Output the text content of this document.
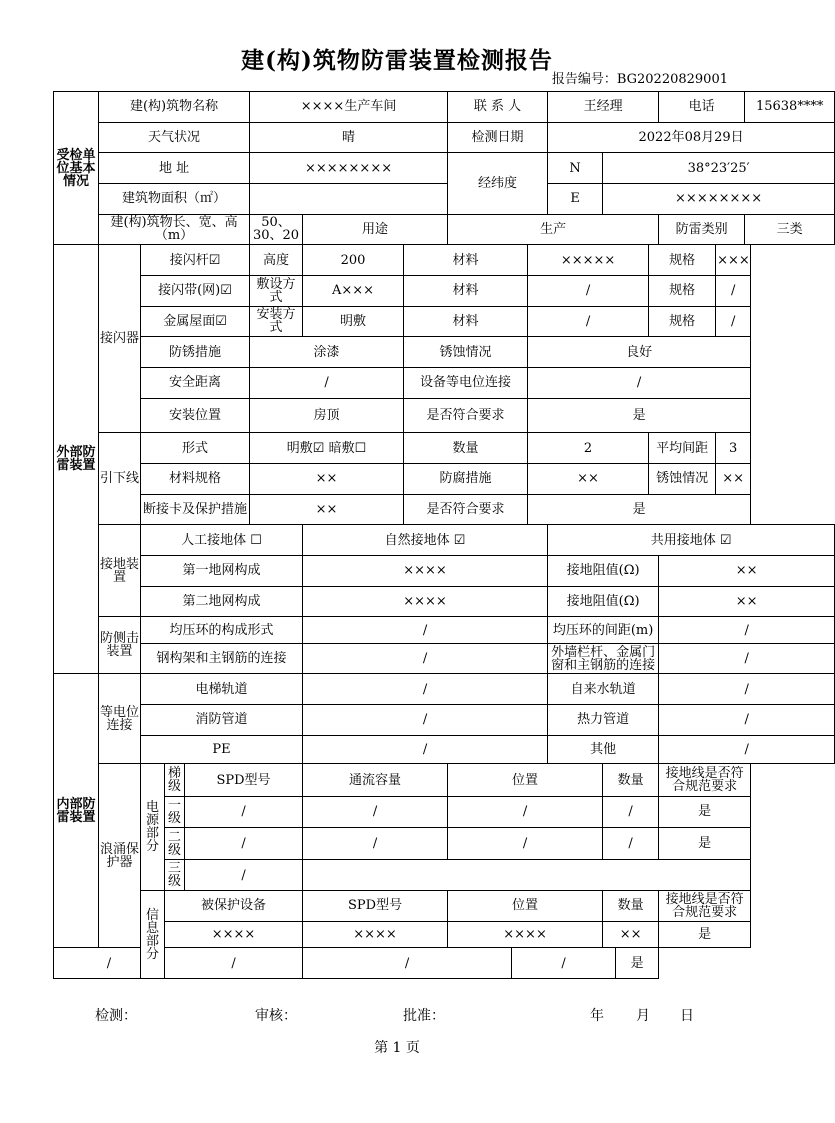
建(构)筑物防雷装置检测报告
报告编号：BG20220829001
受检单位基本情况	建(构)筑物名称				××××生产车间			联 系 人			王经理				电话		15638****
	天气状况				晴			检测日期			2022年08月29日						
	地 址				××××××××			经纬度			N	38°23′25′					
	建筑物面积（㎡）										E	××××××××					
	建(构)筑物长、宽、高（m）				50、30、20	用途		生产							防雷类别		三类
外部防雷装置	接闪器	接闪杆☑			高度	200	材料			×××××				规格		×××	
		接闪带(网)☑			敷设方式	A×××	材料			/				规格		/	
		金属屋面☑			安装方式	明敷	材料			/				规格		/	
		防锈措施			涂漆		锈蚀情况			良好							
		安全距离			/		设备等电位连接			/							
		安装位置			房顶		是否符合要求			是							
	引下线	形式			明敷☑ 暗敷☐		数量			2				平均间距		3	
		材料规格			××		防腐措施			××				锈蚀情况		××	
		断接卡及保护措施			××		是否符合要求			是							
	接地装置	人工接地体 ☐				自然接地体 ☑					共用接地体 ☑						
		第一地网构成				××××					接地阻值(Ω)				××		
		第二地网构成				××××					接地阻值(Ω)				××		
	防侧击装置	均压环的构成形式				/					均压环的间距(m)				/		
		钢构架和主钢筋的连接				/					外墙栏杆、金属门窗和主钢筋的连接				/		
内部防雷装置	等电位连接	电梯轨道				/					自来水轨道				/		
		消防管道				/					热力管道				/		
		PE				/					其他				/		
	浪涌保护器	电源部分	梯级	SPD型号		通流容量		位置				数量			接地线是否符合规范要求		
			一级	/		/		/				/			是		
			二级	/		/		/				/			是		
			三级	/													
		信息部分	被保护设备			SPD型号		位置				数量			接地线是否符合规范要求		
			××××			××××		××××				××			是		
/			/			/			/				是				
检测：	审核：	批准：	年 月 日
第 1 页
